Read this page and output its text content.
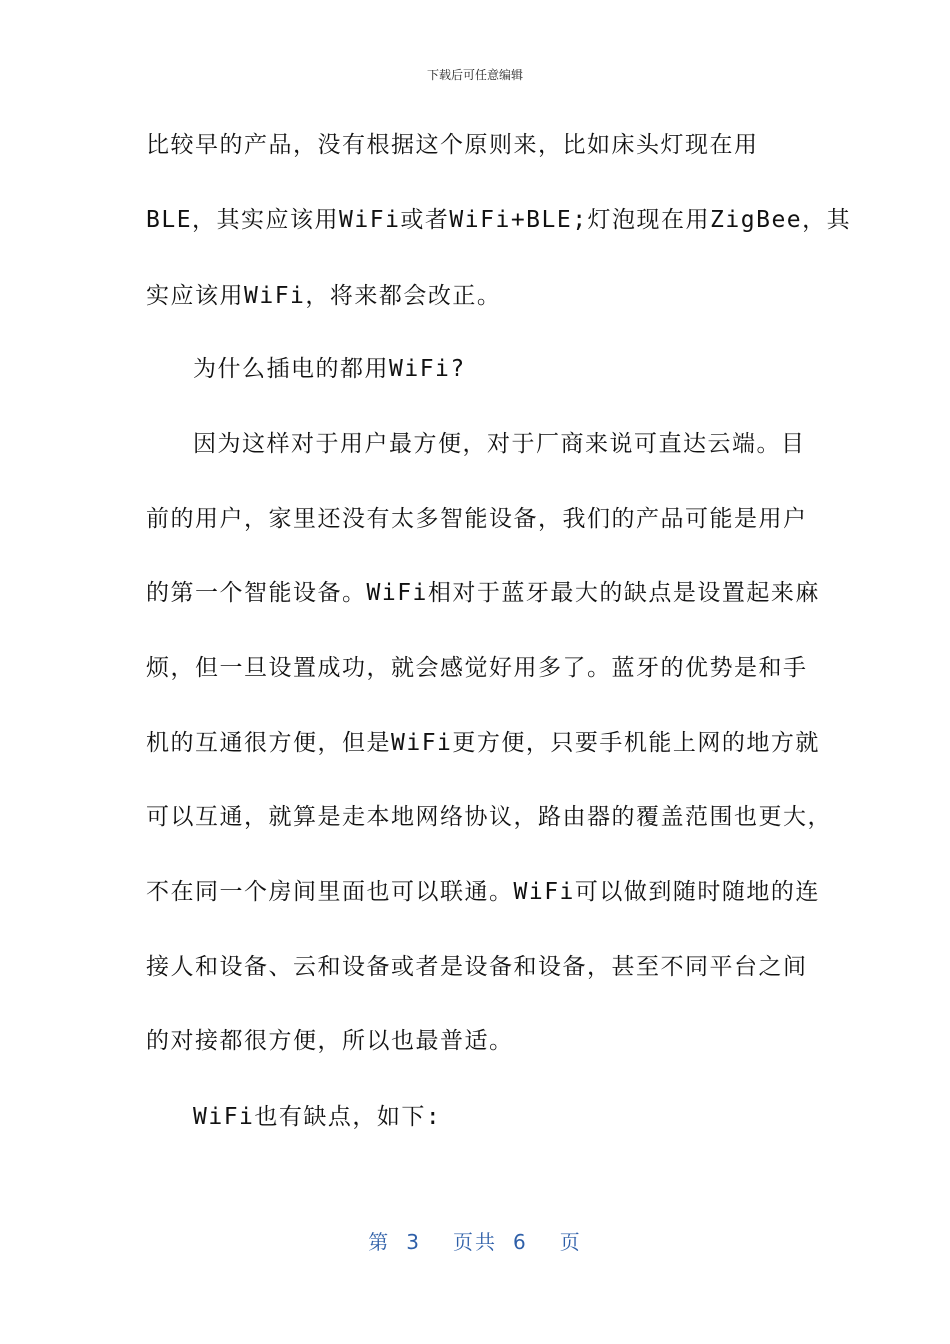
下载后可任意编辑
比较早的产品，没有根据这个原则来，比如床头灯现在用
BLE，其实应该用WiFi或者WiFi+BLE;灯泡现在用ZigBee，其
实应该用WiFi，将来都会改正。
为什么插电的都用WiFi?
因为这样对于用户最方便，对于厂商来说可直达云端。目
前的用户，家里还没有太多智能设备，我们的产品可能是用户
的第一个智能设备。WiFi相对于蓝牙最大的缺点是设置起来麻
烦，但一旦设置成功，就会感觉好用多了。蓝牙的优势是和手
机的互通很方便，但是WiFi更方便，只要手机能上网的地方就
可以互通，就算是走本地网络协议，路由器的覆盖范围也更大，
不在同一个房间里面也可以联通。WiFi可以做到随时随地的连
接人和设备、云和设备或者是设备和设备，甚至不同平台之间
的对接都很方便，所以也最普适。
WiFi也有缺点，如下:
第 3 页共 6 页
